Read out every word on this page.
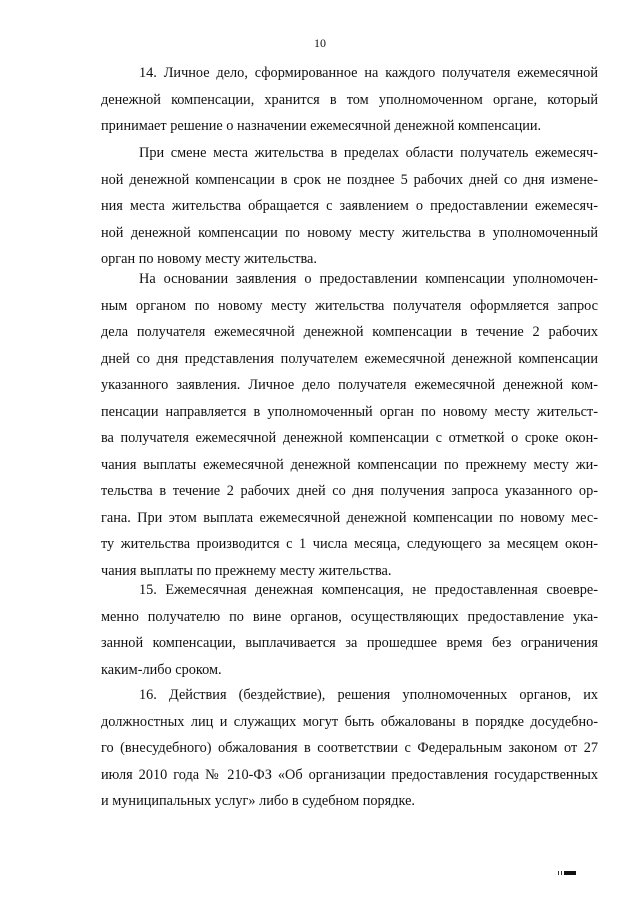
10
14. Личное дело, сформированное на каждого получателя ежемесячной
денежной компенсации, хранится в том уполномоченном органе, который
принимает решение о назначении ежемесячной денежной компенсации.
При смене места жительства в пределах области получатель ежемесяч-
ной денежной компенсации в срок не позднее 5 рабочих дней со дня измене-
ния места жительства обращается с заявлением о предоставлении ежемесяч-
ной денежной компенсации по новому месту жительства в уполномоченный
орган по новому месту жительства.
На основании заявления о предоставлении компенсации уполномочен-
ным органом по новому месту жительства получателя оформляется запрос
дела получателя ежемесячной денежной компенсации в течение 2 рабочих
дней со дня представления получателем ежемесячной денежной компенсации
указанного заявления. Личное дело получателя ежемесячной денежной ком-
пенсации направляется в уполномоченный орган по новому месту жительст-
ва получателя ежемесячной денежной компенсации с отметкой о сроке окон-
чания выплаты ежемесячной денежной компенсации по прежнему месту жи-
тельства в течение 2 рабочих дней со дня получения запроса указанного ор-
гана. При этом выплата ежемесячной денежной компенсации по новому мес-
ту жительства производится с 1 числа месяца, следующего за месяцем окон-
чания выплаты по прежнему месту жительства.
15. Ежемесячная денежная компенсация, не предоставленная своевре-
менно получателю по вине органов, осуществляющих предоставление ука-
занной компенсации, выплачивается за прошедшее время без ограничения
каким-либо сроком.
16. Действия (бездействие), решения уполномоченных органов, их
должностных лиц и служащих могут быть обжалованы в порядке досудебно-
го (внесудебного) обжалования в соответствии с Федеральным законом от 27
июля 2010 года № 210-ФЗ «Об организации предоставления государственных
и муниципальных услуг» либо в судебном порядке.
